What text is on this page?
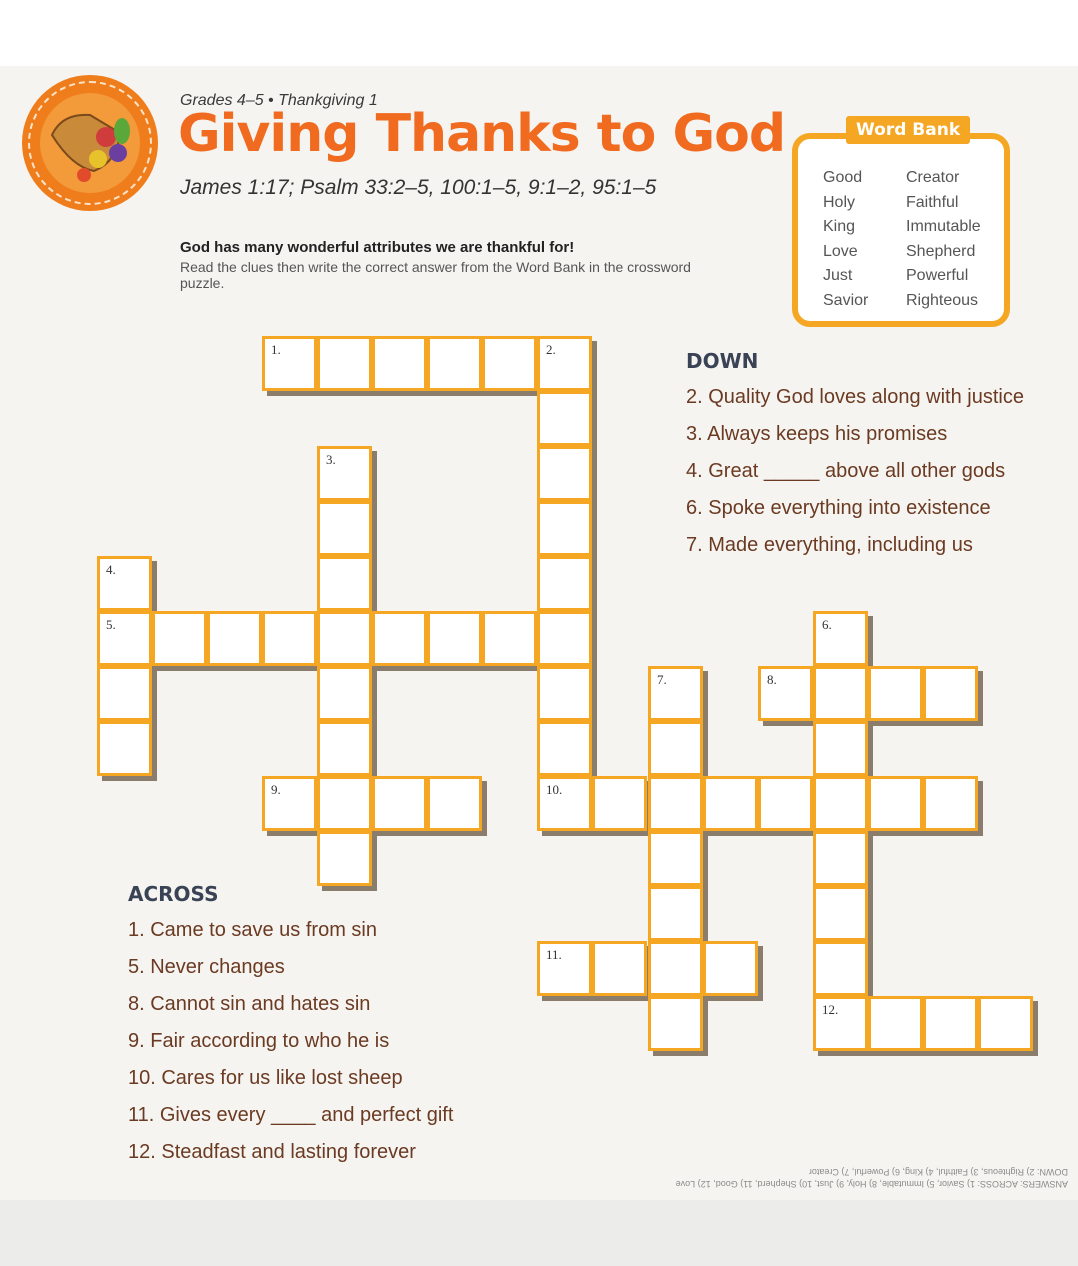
Grades 4–5 • Thankgiving 1
Giving Thanks to God
James 1:17; Psalm 33:2–5, 100:1–5, 9:1–2, 95:1–5
God has many wonderful attributes we are thankful for!
Read the clues then write the correct answer from the Word Bank in the crossword puzzle.
Word Bank
Good
Holy
King
Love
Just
Savior
Creator
Faithful
Immutable
Shepherd
Powerful
Righteous
1.	2.
3.
4.
5.	6.
7.	8.
9.	10.
11.
12.
DOWN
2. Quality God loves along with justice
3. Always keeps his promises
4. Great _____ above all other gods
6. Spoke everything into existence
7. Made everything, including us
ACROSS
1. Came to save us from sin
5. Never changes
8. Cannot sin and hates sin
9. Fair according to who he is
10. Cares for us like lost sheep
11. Gives every ____ and perfect gift
12. Steadfast and lasting forever
ANSWERS: ACROSS: 1) Savior, 5) Immutable, 8) Holy, 9) Just, 10) Shepherd, 11) Good, 12) Love
DOWN: 2) Righteous, 3) Faithful, 4) King, 6) Powerful, 7) Creator
